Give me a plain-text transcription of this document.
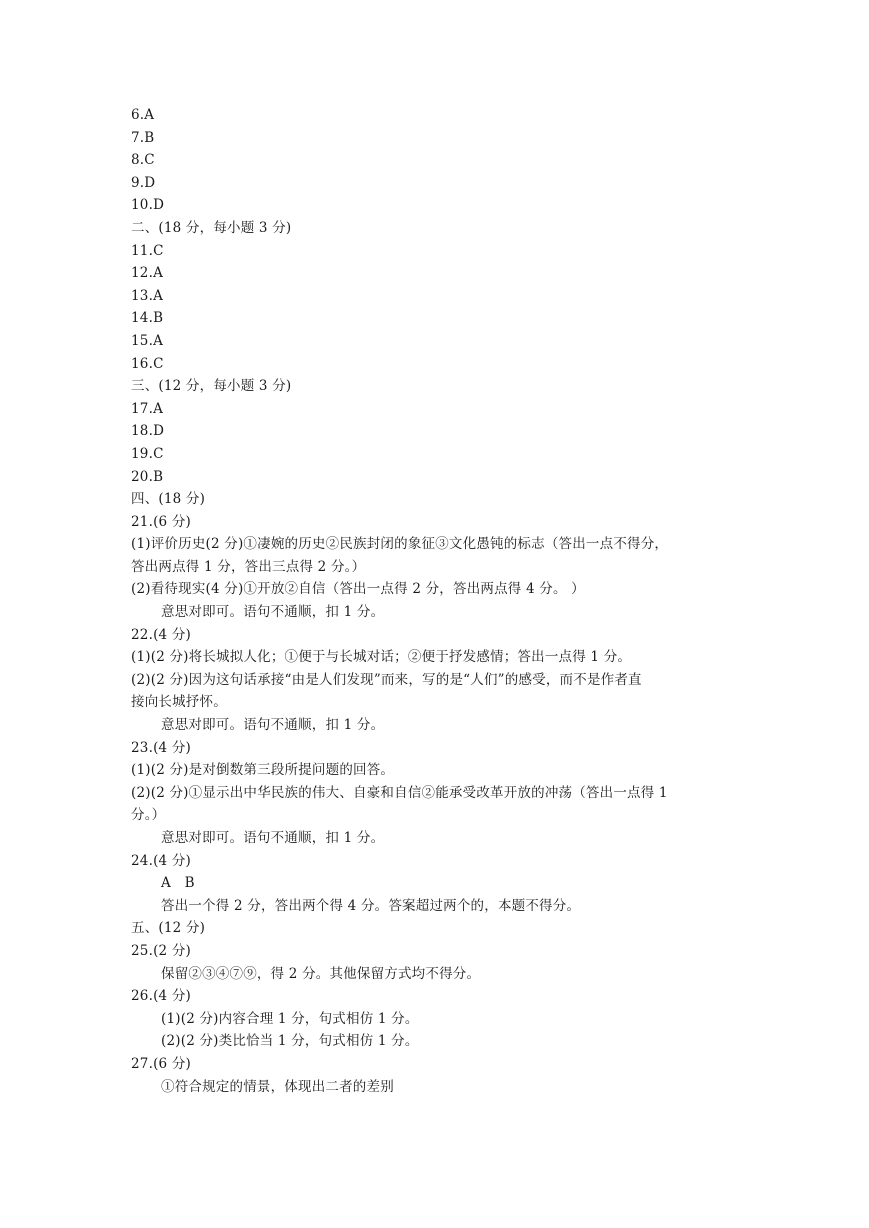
6.A
7.B
8.C
9.D
10.D
二、(18 分，每小题 3 分)
11.C
12.A
13.A
14.B
15.A
16.C
三、(12 分，每小题 3 分)
17.A
18.D
19.C
20.B
四、(18 分)
21.(6 分)
(1)评价历史(2 分)①凄婉的历史②民族封闭的象征③文化愚钝的标志（答出一点不得分，
答出两点得 1 分，答出三点得 2 分。）
(2)看待现实(4 分)①开放②自信（答出一点得 2 分，答出两点得 4 分。 ）
意思对即可。语句不通顺，扣 1 分。
22.(4 分)
(1)(2 分)将长城拟人化；①便于与长城对话；②便于抒发感情；答出一点得 1 分。
(2)(2 分)因为这句话承接“由是人们发现”而来，写的是“人们”的感受，而不是作者直
接向长城抒怀。
意思对即可。语句不通顺，扣 1 分。
23.(4 分)
(1)(2 分)是对倒数第三段所提问题的回答。
(2)(2 分)①显示出中华民族的伟大、自豪和自信②能承受改革开放的冲荡（答出一点得 1
分。）
意思对即可。语句不通顺，扣 1 分。
24.(4 分)
A　B
答出一个得 2 分，答出两个得 4 分。答案超过两个的，本题不得分。
五、(12 分)
25.(2 分)
保留②③④⑦⑨，得 2 分。其他保留方式均不得分。
26.(4 分)
(1)(2 分)内容合理 1 分，句式相仿 1 分。
(2)(2 分)类比恰当 1 分，句式相仿 1 分。
27.(6 分)
①符合规定的情景，体现出二者的差别
